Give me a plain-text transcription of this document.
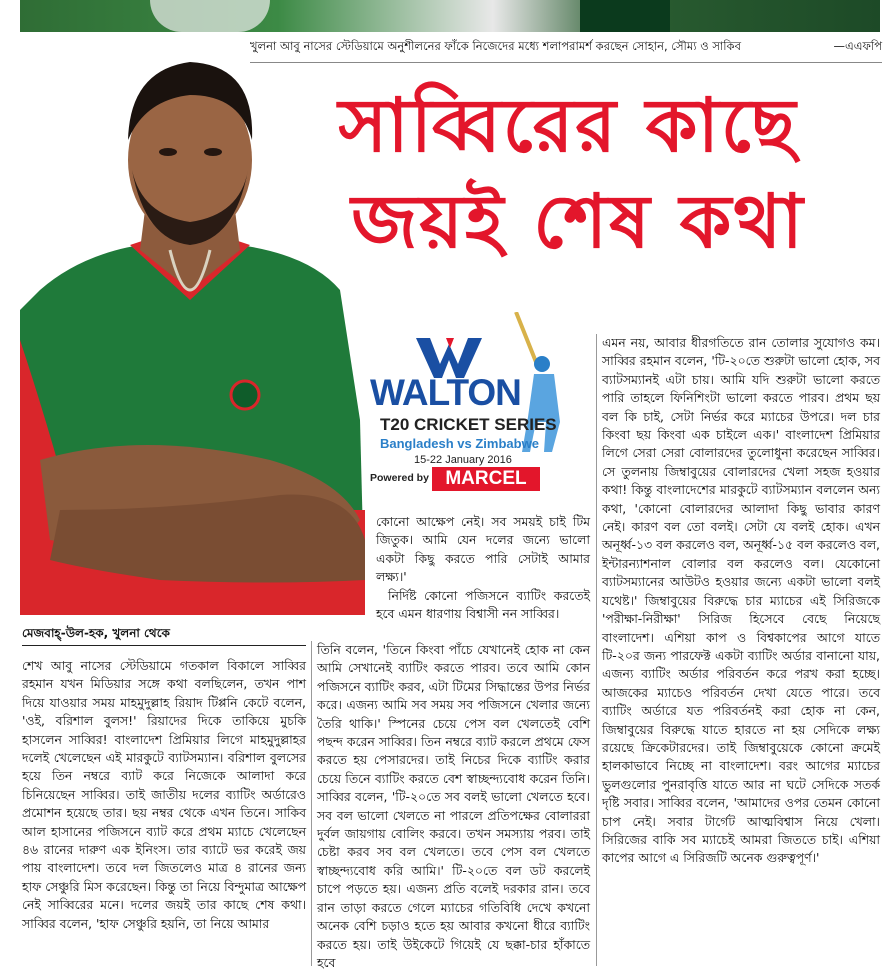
খুলনা আবু নাসের স্টেডিয়ামে অনুশীলনের ফাঁকে নিজেদের মধ্যে শলাপরামর্শ করছেন সোহান, সৌম্য ও সাকিব	—এএফপি
সাব্বিরের কাছে
জয়ই শেষ কথা
WALTON
T20 CRICKET SERIES
Bangladesh vs Zimbabwe
15-22 January 2016
Powered by MARCEL
মেজবাহ্-উল-হক, খুলনা থেকে

কোনো আক্ষেপ নেই। সব সময়ই চাই টিম জিতুক। আমি যেন দলের জন্যে ভালো একটা কিছু করতে পারি সেটাই আমার লক্ষ্য।'

নির্দিষ্ট কোনো পজিসনে ব্যাটিং করতেই হবে এমন ধারণায় বিশ্বাসী নন সাব্বির।

তিনি বলেন, 'তিনে কিংবা পাঁচে যেখানেই হোক না কেন আমি সেখানেই ব্যাটিং করতে পারব। তবে আমি কোন পজিসনে ব্যাটিং করব, এটা টিমের সিদ্ধান্তের উপর নির্ভর করে। এজন্য আমি সব সময় সব পজিসনে খেলার জন্যে তৈরি থাকি।' স্পিনের চেয়ে পেস বল খেলতেই বেশি পছন্দ করেন সাব্বির। তিন নম্বরে ব্যাট করলে প্রথমে ফেস করতে হয় পেসারদের। তাই নিচের দিকে ব্যাটিং করার চেয়ে তিনে ব্যাটিং করতে বেশ স্বাচ্ছন্দ্যবোধ করেন তিনি। সাব্বির বলেন, 'টি-২০তে সব বলই ভালো খেলতে হবে। সব বল ভালো খেলতে না পারলে প্রতিপক্ষের বোলাররা দুর্বল জায়গায় বোলিং করবে। তখন সমস্যায় পরব। তাই চেষ্টা করব সব বল খেলতে। তবে পেস বল খেলতে স্বাচ্ছন্দ্যবোধ করি আমি।' টি-২০তে বল ডট করলেই চাপে পড়তে হয়। এজন্য প্রতি বলেই দরকার রান। তবে রান তাড়া করতে গেলে ম্যাচের গতিবিধি দেখে কখনো অনেক বেশি চড়াও হতে হয় আবার কখনো ধীরে ব্যাটিং করতে হয়। তাই উইকেটে গিয়েই যে ছক্কা-চার হাঁকাতে হবে

শেখ আবু নাসের স্টেডিয়ামে গতকাল বিকালে সাব্বির রহমান যখন মিডিয়ার সঙ্গে কথা বলছিলেন, তখন পাশ দিয়ে যাওয়ার সময় মাহমুদুল্লাহ রিয়াদ টিপ্পনি কেটে বলেন, 'ওই, বরিশাল বুলস!' রিয়াদের দিকে তাকিয়ে মুচকি হাসলেন সাব্বির! বাংলাদেশ প্রিমিয়ার লিগে মাহমুদুল্লাহর দলেই খেলেছেন এই মারকুটে ব্যাটসম্যান। বরিশাল বুলসের হয়ে তিন নম্বরে ব্যাট করে নিজেকে আলাদা করে চিনিয়েছেন সাব্বির। তাই জাতীয় দলের ব্যাটিং অর্ডারেও প্রমোশন হয়েছে তার। ছয় নম্বর থেকে এখন তিনে। সাকিব আল হাসানের পজিসনে ব্যাট করে প্রথম ম্যাচে খেলেছেন ৪৬ রানের দারুণ এক ইনিংস। তার ব্যাটে ভর করেই জয় পায় বাংলাদেশ। তবে দল জিতলেও মাত্র ৪ রানের জন্য হাফ সেঞ্চুরি মিস করেছেন। কিন্তু তা নিয়ে বিন্দুমাত্র আক্ষেপ নেই সাব্বিরের মনে। দলের জয়ই তার কাছে শেষ কথা। সাব্বির বলেন, 'হাফ সেঞ্চুরি হয়নি, তা নিয়ে আমার

এমন নয়, আবার ধীরগতিতে রান তোলার সুযোগও কম। সাব্বির রহমান বলেন, 'টি-২০তে শুরুটা ভালো হোক, সব ব্যাটসম্যানই এটা চায়। আমি যদি শুরুটা ভালো করতে পারি তাহলে ফিনিশিংটা ভালো করতে পারব। প্রথম ছয় বল কি চাই, সেটা নির্ভর করে ম্যাচের উপরে। দল চার কিংবা ছয় কিংবা এক চাইলে এক।' বাংলাদেশ প্রিমিয়ার লিগে সেরা সেরা বোলারদের তুলোধুনা করেছেন সাব্বির। সে তুলনায় জিম্বাবুয়ের বোলারদের খেলা সহজ হওয়ার কথা! কিন্তু বাংলাদেশের মারকুটে ব্যাটসম্যান বললেন অন্য কথা, 'কোনো বোলারদের আলাদা কিছু ভাবার কারণ নেই। কারণ বল তো বলই। সেটা যে বলই হোক। এখন অনূর্ধ্ব-১৩ বল করলেও বল, অনূর্ধ্ব-১৫ বল করলেও বল, ইন্টারন্যাশনাল বোলার বল করলেও বল। যেকোনো ব্যাটসম্যানের আউটও হওয়ার জন্যে একটা ভালো বলই যথেষ্ট।' জিম্বাবুয়ের বিরুদ্ধে চার ম্যাচের এই সিরিজকে 'পরীক্ষা-নিরীক্ষা' সিরিজ হিসেবে বেছে নিয়েছে বাংলাদেশ। এশিয়া কাপ ও বিশ্বকাপের আগে যাতে টি-২০র জন্য পারফেক্ট একটা ব্যাটিং অর্ডার বানানো যায়, এজন্য ব্যাটিং অর্ডার পরিবর্তন করে পরখ করা হচ্ছে। আজকের ম্যাচেও পরিবর্তন দেখা যেতে পারে। তবে ব্যাটিং অর্ডারে যত পরিবর্তনই করা হোক না কেন, জিম্বাবুয়ের বিরুদ্ধে যাতে হারতে না হয় সেদিকে লক্ষ্য রয়েছে ক্রিকেটারদের। তাই জিম্বাবুয়েকে কোনো ক্রমেই হালকাভাবে নিচ্ছে না বাংলাদেশ। বরং আগের ম্যাচের ভুলগুলোর পুনরাবৃত্তি যাতে আর না ঘটে সেদিকে সতর্ক দৃষ্টি সবার। সাব্বির বলেন, 'আমাদের ওপর তেমন কোনো চাপ নেই। সবার টার্গেট আত্মবিশ্বাস নিয়ে খেলা। সিরিজের বাকি সব ম্যাচেই আমরা জিততে চাই। এশিয়া কাপের আগে এ সিরিজটি অনেক গুরুত্বপূর্ণ।'
